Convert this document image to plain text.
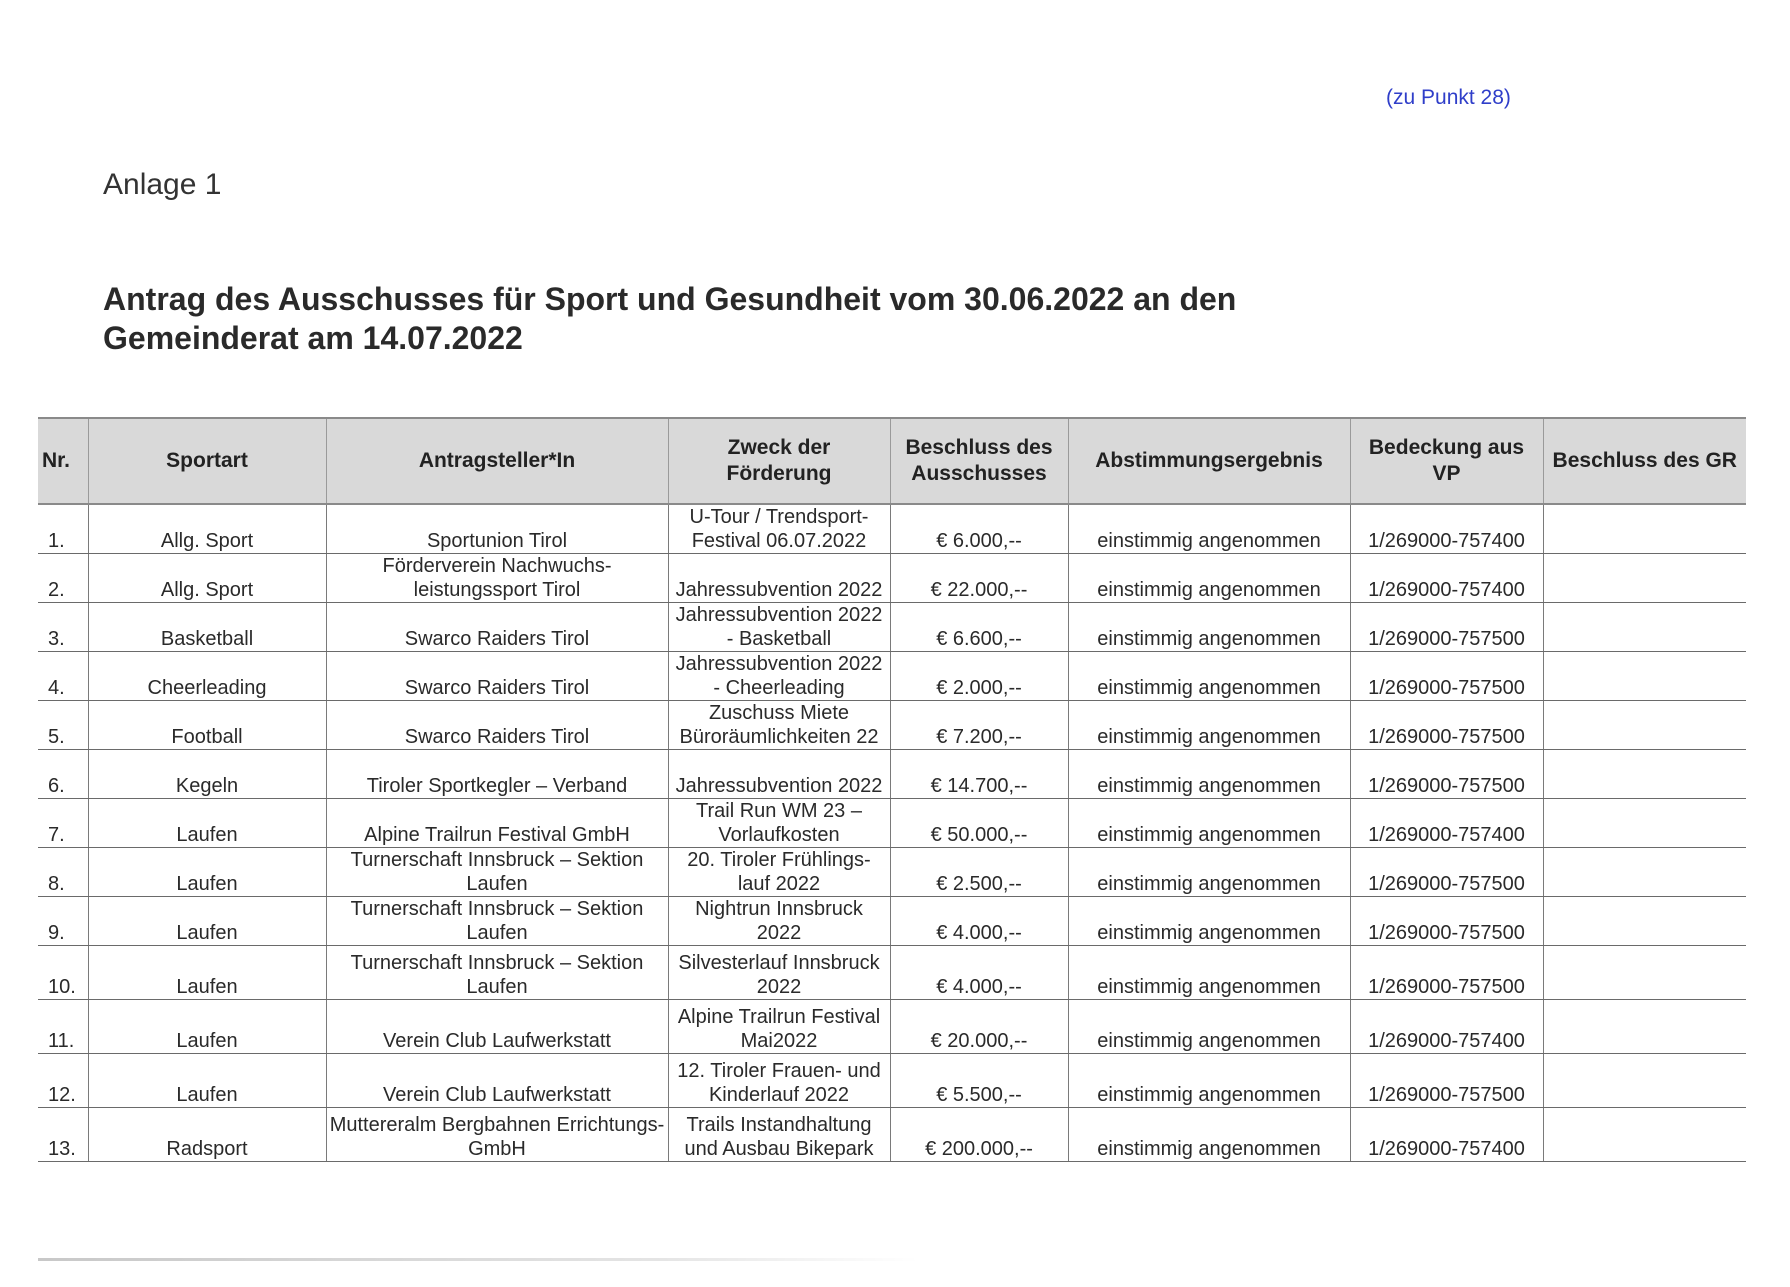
(zu Punkt 28)
Anlage 1
Antrag des Ausschusses für Sport und Gesundheit vom 30.06.2022 an den Gemeinderat am 14.07.2022
Nr.	Sportart	Antragsteller*In	Zweck der Förderung	Beschluss des Ausschusses	Abstimmungsergebnis	Bedeckung aus VP	Beschluss des GR
1.	Allg. Sport	Sportunion Tirol	U-Tour / Trendsport-Festival 06.07.2022	€ 6.000,--	einstimmig angenommen	1/269000-757400	
2.	Allg. Sport	Förderverein Nachwuchs-leistungssport Tirol	Jahressubvention 2022	€ 22.000,--	einstimmig angenommen	1/269000-757400	
3.	Basketball	Swarco Raiders Tirol	Jahressubvention 2022 - Basketball	€ 6.600,--	einstimmig angenommen	1/269000-757500	
4.	Cheerleading	Swarco Raiders Tirol	Jahressubvention 2022 - Cheerleading	€ 2.000,--	einstimmig angenommen	1/269000-757500	
5.	Football	Swarco Raiders Tirol	Zuschuss Miete Büroräumlichkeiten 22	€ 7.200,--	einstimmig angenommen	1/269000-757500	
6.	Kegeln	Tiroler Sportkegler – Verband	Jahressubvention 2022	€ 14.700,--	einstimmig angenommen	1/269000-757500	
7.	Laufen	Alpine Trailrun Festival GmbH	Trail Run WM 23 – Vorlaufkosten	€ 50.000,--	einstimmig angenommen	1/269000-757400	
8.	Laufen	Turnerschaft Innsbruck – Sektion Laufen	20. Tiroler Frühlings-lauf 2022	€ 2.500,--	einstimmig angenommen	1/269000-757500	
9.	Laufen	Turnerschaft Innsbruck – Sektion Laufen	Nightrun Innsbruck 2022	€ 4.000,--	einstimmig angenommen	1/269000-757500	
10.	Laufen	Turnerschaft Innsbruck – Sektion Laufen	Silvesterlauf Innsbruck 2022	€ 4.000,--	einstimmig angenommen	1/269000-757500	
11.	Laufen	Verein Club Laufwerkstatt	Alpine Trailrun Festival Mai2022	€ 20.000,--	einstimmig angenommen	1/269000-757400	
12.	Laufen	Verein Club Laufwerkstatt	12. Tiroler Frauen- und Kinderlauf 2022	€ 5.500,--	einstimmig angenommen	1/269000-757500	
13.	Radsport	Muttereralm Bergbahnen Errichtungs-GmbH	Trails Instandhaltung und Ausbau Bikepark	€ 200.000,--	einstimmig angenommen	1/269000-757400	
